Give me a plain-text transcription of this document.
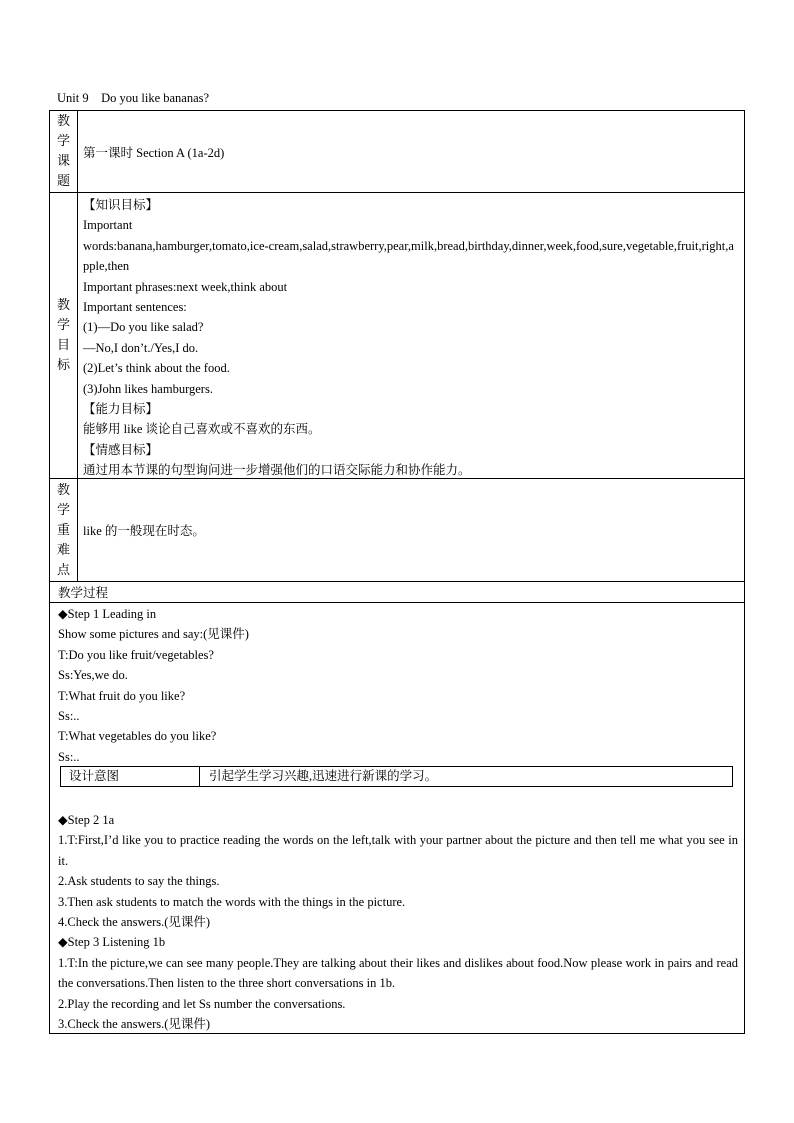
Unit 9    Do you like bananas?
教
学
课
题
第一课时 Section A (1a-2d)
教
学
目
标
【知识目标】
Important
words:banana,hamburger,tomato,ice-cream,salad,strawberry,pear,milk,bread,birthday,dinner,week,food,sure,vegetable,fruit,right,apple,then
Important phrases:next week,think about
Important sentences:
(1)—Do you like salad?
—No,I don’t./Yes,I do.
(2)Let’s think about the food.
(3)John likes hamburgers.
【能力目标】
能够用 like 谈论自己喜欢或不喜欢的东西。
【情感目标】
通过用本节课的句型询问进一步增强他们的口语交际能力和协作能力。
教
学
重
难
点
like 的一般现在时态。
教学过程
◆Step 1 Leading in
Show some pictures and say:(见课件)
T:Do you like fruit/vegetables?
Ss:Yes,we do.
T:What fruit do you like?
Ss:..
T:What vegetables do you like?
Ss:..
设计意图	引起学生学习兴趣,迅速进行新课的学习。
◆Step 2 1a
1.T:First,I’d like you to practice reading the words on the left,talk with your partner about the picture and then tell me what you see in it.
2.Ask students to say the things.
3.Then ask students to match the words with the things in the picture.
4.Check the answers.(见课件)
◆Step 3 Listening 1b
1.T:In the picture,we can see many people.They are talking about their likes and dislikes about food.Now please work in pairs and read the conversations.Then listen to the three short conversations in 1b.
2.Play the recording and let Ss number the conversations.
3.Check the answers.(见课件)
